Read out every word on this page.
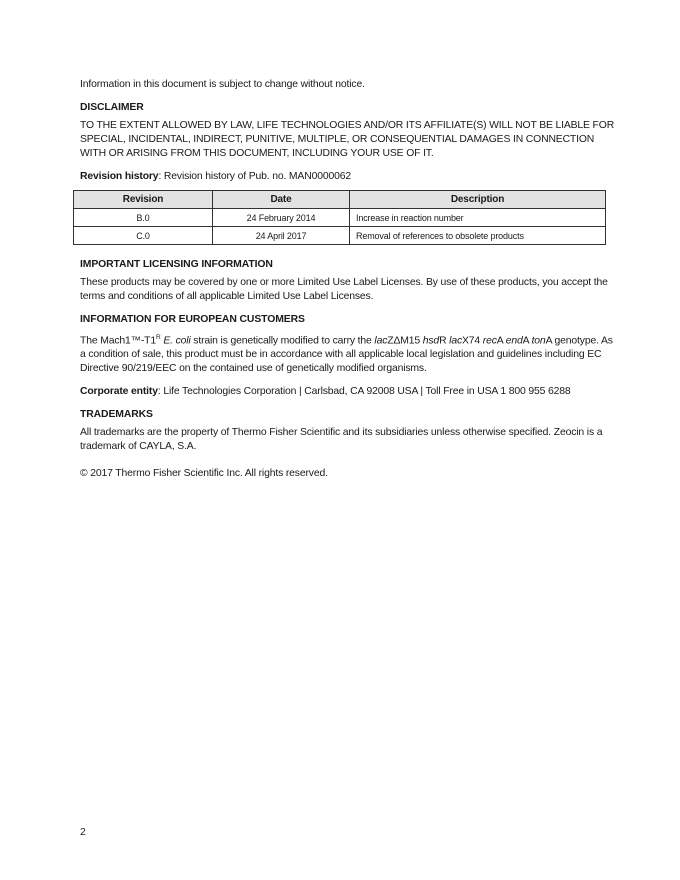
Information in this document is subject to change without notice.

DISCLAIMER

TO THE EXTENT ALLOWED BY LAW, LIFE TECHNOLOGIES AND/OR ITS AFFILIATE(S) WILL NOT BE LIABLE FOR SPECIAL, INCIDENTAL, INDIRECT, PUNITIVE, MULTIPLE, OR CONSEQUENTIAL DAMAGES IN CONNECTION WITH OR ARISING FROM THIS DOCUMENT, INCLUDING YOUR USE OF IT.

Revision history: Revision history of Pub. no. MAN0000062

Revision	Date	Description
B.0	24 February 2014	Increase in reaction number
C.0	24 April 2017	Removal of references to obsolete products
IMPORTANT LICENSING INFORMATION

These products may be covered by one or more Limited Use Label Licenses. By use of these products, you accept the terms and conditions of all applicable Limited Use Label Licenses.

INFORMATION FOR EUROPEAN CUSTOMERS

The $Mach1™-T1^R$ E. coli strain is genetically modified to carry the lacZΔM15 hsdR lacX74 recA endA tonA genotype. As a condition of sale, this product must be in accordance with all applicable local legislation and guidelines including EC Directive 90/219/EEC on the contained use of genetically modified organisms.

Corporate entity: Life Technologies Corporation | Carlsbad, CA 92008 USA | Toll Free in USA 1 800 955 6288

TRADEMARKS

All trademarks are the property of Thermo Fisher Scientific and its subsidiaries unless otherwise specified. Zeocin is a trademark of CAYLA, S.A.

© 2017 Thermo Fisher Scientific Inc. All rights reserved.

2
